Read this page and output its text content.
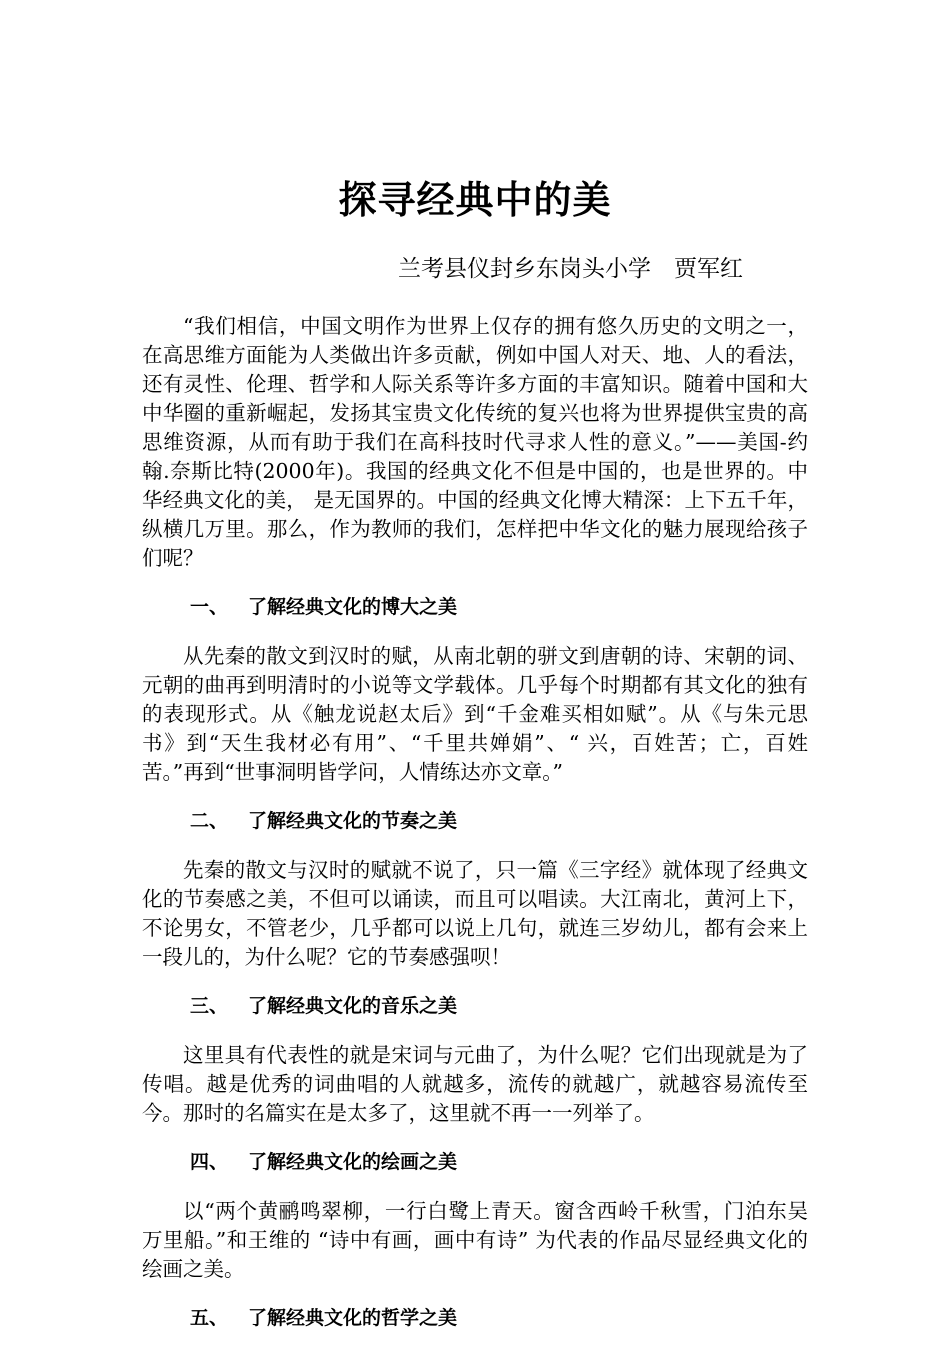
探寻经典中的美
兰考县仪封乡东岗头小学　贾军红

“我们相信，中国文明作为世界上仅存的拥有悠久历史的文明之一，在高思维方面能为人类做出许多贡献，例如中国人对天、地、人的看法，还有灵性、伦理、哲学和人际关系等许多方面的丰富知识。随着中国和大中华圈的重新崛起，发扬其宝贵文化传统的复兴也将为世界提供宝贵的高思维资源，从而有助于我们在高科技时代寻求人性的意义。”——美国-约翰.奈斯比特(2000年)。我国的经典文化不但是中国的，也是世界的。中华经典文化的美， 是无国界的。中国的经典文化博大精深：上下五千年，纵横几万里。那么，作为教师的我们，怎样把中华文化的魅力展现给孩子们呢？

一、 了解经典文化的博大之美

从先秦的散文到汉时的赋，从南北朝的骈文到唐朝的诗、宋朝的词、元朝的曲再到明清时的小说等文学载体。几乎每个时期都有其文化的独有的表现形式。从《触龙说赵太后》到“千金难买相如赋”。从《与朱元思书》到“天生我材必有用”、“千里共婵娟”、“ 兴，百姓苦；亡，百姓苦。”再到“世事洞明皆学问，人情练达亦文章。”

二、 了解经典文化的节奏之美

先秦的散文与汉时的赋就不说了，只一篇《三字经》就体现了经典文化的节奏感之美，不但可以诵读，而且可以唱读。大江南北，黄河上下，不论男女，不管老少，几乎都可以说上几句，就连三岁幼儿，都有会来上一段儿的，为什么呢？它的节奏感强呗！

三、 了解经典文化的音乐之美

这里具有代表性的就是宋词与元曲了，为什么呢？它们出现就是为了传唱。越是优秀的词曲唱的人就越多，流传的就越广，就越容易流传至今。那时的名篇实在是太多了，这里就不再一一列举了。

四、 了解经典文化的绘画之美

以“两个黄鹂鸣翠柳，一行白鹭上青天。窗含西岭千秋雪，门泊东吴万里船。”和王维的 “诗中有画，画中有诗” 为代表的作品尽显经典文化的绘画之美。

五、 了解经典文化的哲学之美
